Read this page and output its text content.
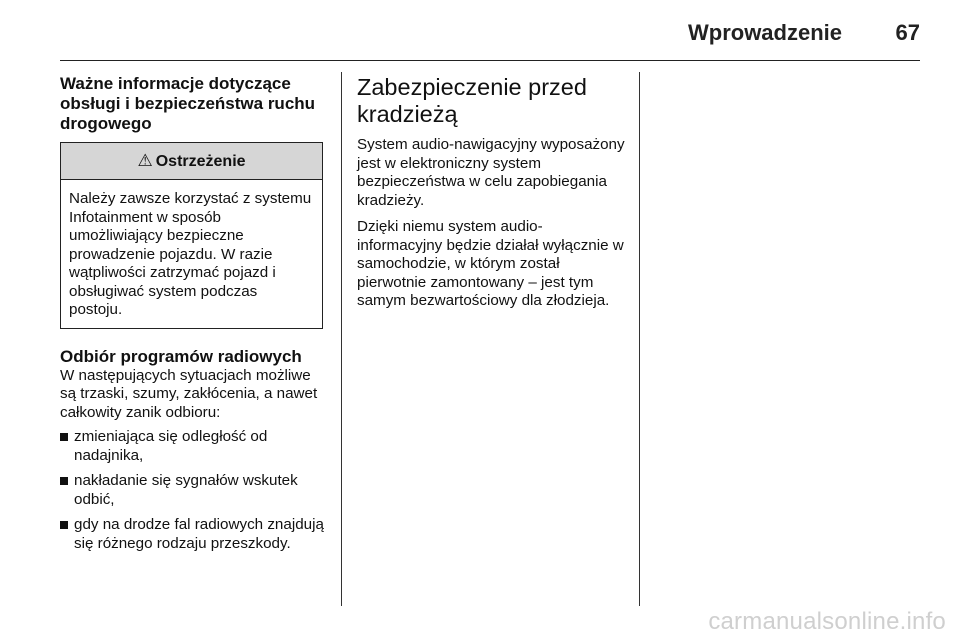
Wprowadzenie 67
Ważne informacje dotyczące obsługi i bezpieczeństwa ruchu drogowego
⚠ Ostrzeżenie

Należy zawsze korzystać z systemu Infotainment w sposób umożliwiający bezpieczne prowadzenie pojazdu. W razie wątpliwości zatrzymać pojazd i obsługiwać system podczas postoju.

Odbiór programów radiowych

W następujących sytuacjach możliwe są trzaski, szumy, zakłócenia, a nawet całkowity zanik odbioru:

zmieniająca się odległość od nadajnika,
nakładanie się sygnałów wskutek odbić,
gdy na drodze fal radiowych znajdują się różnego rodzaju przeszkody.
Zabezpieczenie przed kradzieżą

System audio-nawigacyjny wyposażony jest w elektroniczny system bezpieczeństwa w celu zapobiegania kradzieży.

Dzięki niemu system audio-informacyjny będzie działał wyłącznie w samochodzie, w którym został pierwotnie zamontowany – jest tym samym bezwartościowy dla złodzieja.

carmanualsonline.info
